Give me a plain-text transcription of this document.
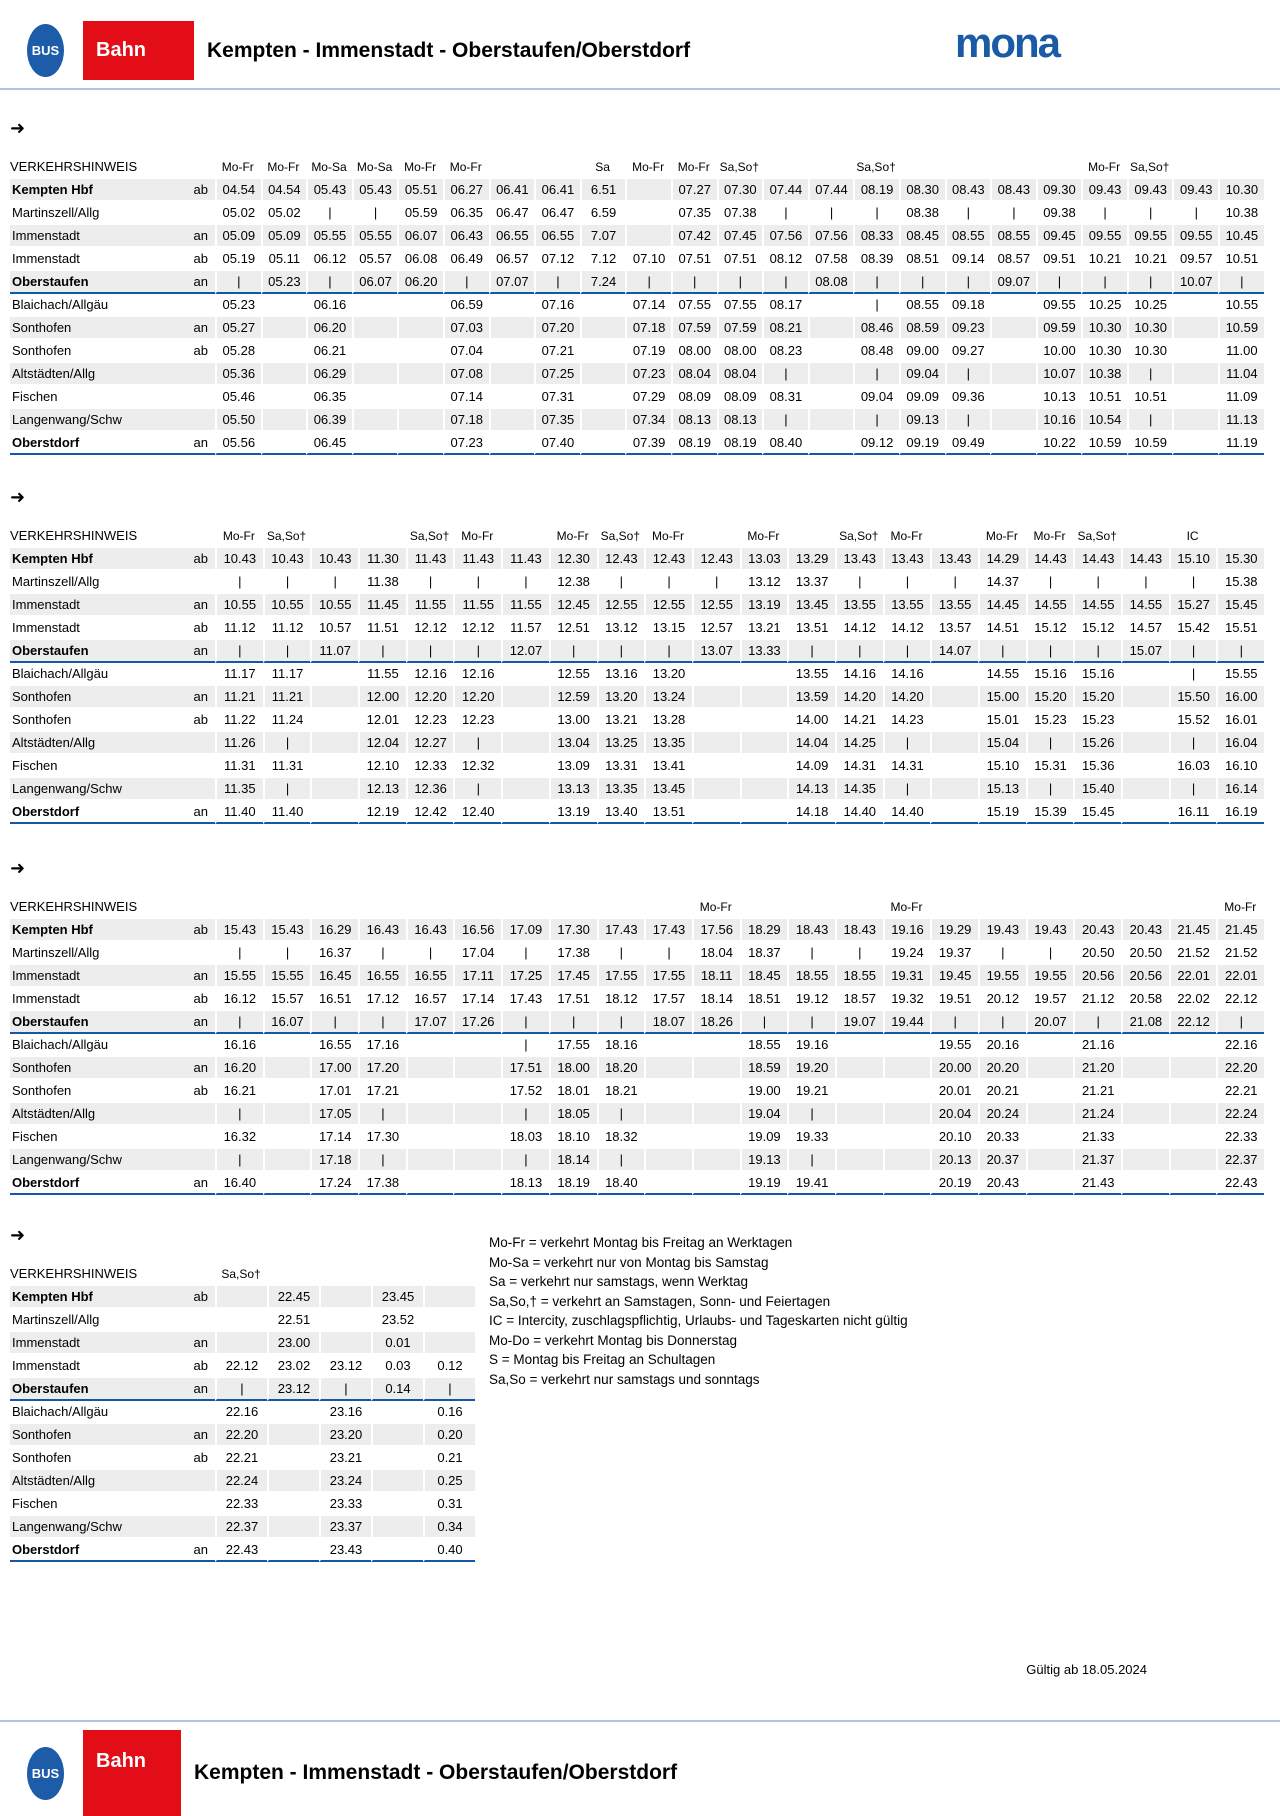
BUS Bahn	Kempten - Immenstadt - Oberstaufen/Oberstdorf	mona
➜		täglich																						
VERKEHRSHINWEIS		Mo-Fr	Mo-Fr	Mo-Sa	Mo-Sa	Mo-Fr	Mo-Fr			Sa	Mo-Fr	Mo-Fr	Sa,So†			Sa,So†					Mo-Fr	Sa,So†		
Kempten Hbf	ab	04.54	04.54	05.43	05.43	05.51	06.27	06.41	06.41	6.51		07.27	07.30	07.44	07.44	08.19	08.30	08.43	08.43	09.30	09.43	09.43	09.43	10.30
Martinszell/Allg		05.02	05.02	|	|	05.59	06.35	06.47	06.47	6.59		07.35	07.38	|	|	|	08.38	|	|	09.38	|	|	|	10.38
Immenstadt	an	05.09	05.09	05.55	05.55	06.07	06.43	06.55	06.55	7.07		07.42	07.45	07.56	07.56	08.33	08.45	08.55	08.55	09.45	09.55	09.55	09.55	10.45
Immenstadt	ab	05.19	05.11	06.12	05.57	06.08	06.49	06.57	07.12	7.12	07.10	07.51	07.51	08.12	07.58	08.39	08.51	09.14	08.57	09.51	10.21	10.21	09.57	10.51
Oberstaufen	an	|	05.23	|	06.07	06.20	|	07.07	|	7.24	|	|	|	|	08.08	|	|	|	09.07	|	|	|	10.07	|
Blaichach/Allgäu		05.23		06.16			06.59		07.16		07.14	07.55	07.55	08.17		|	08.55	09.18		09.55	10.25	10.25		10.55
Sonthofen	an	05.27		06.20			07.03		07.20		07.18	07.59	07.59	08.21		08.46	08.59	09.23		09.59	10.30	10.30		10.59
Sonthofen	ab	05.28		06.21			07.04		07.21		07.19	08.00	08.00	08.23		08.48	09.00	09.27		10.00	10.30	10.30		11.00
Altstädten/Allg		05.36		06.29			07.08		07.25		07.23	08.04	08.04	|		|	09.04	|		10.07	10.38	|		11.04
Fischen		05.46		06.35			07.14		07.31		07.29	08.09	08.09	08.31		09.04	09.09	09.36		10.13	10.51	10.51		11.09
Langenwang/Schw		05.50		06.39			07.18		07.35		07.34	08.13	08.13	|		|	09.13	|		10.16	10.54	|		11.13
Oberstdorf	an	05.56		06.45			07.23		07.40		07.39	08.19	08.19	08.40		09.12	09.19	09.49		10.22	10.59	10.59		11.19
➜		täglich																					
VERKEHRSHINWEIS		Mo-Fr	Sa,So†			Sa,So†	Mo-Fr		Mo-Fr	Sa,So†	Mo-Fr		Mo-Fr		Sa,So†	Mo-Fr		Mo-Fr	Mo-Fr	Sa,So†		IC	
Kempten Hbf	ab	10.43	10.43	10.43	11.30	11.43	11.43	11.43	12.30	12.43	12.43	12.43	13.03	13.29	13.43	13.43	13.43	14.29	14.43	14.43	14.43	15.10	15.30
Martinszell/Allg		|	|	|	11.38	|	|	|	12.38	|	|	|	13.12	13.37	|	|	|	14.37	|	|	|	|	15.38
Immenstadt	an	10.55	10.55	10.55	11.45	11.55	11.55	11.55	12.45	12.55	12.55	12.55	13.19	13.45	13.55	13.55	13.55	14.45	14.55	14.55	14.55	15.27	15.45
Immenstadt	ab	11.12	11.12	10.57	11.51	12.12	12.12	11.57	12.51	13.12	13.15	12.57	13.21	13.51	14.12	14.12	13.57	14.51	15.12	15.12	14.57	15.42	15.51
Oberstaufen	an	|	|	11.07	|	|	|	12.07	|	|	|	13.07	13.33	|	|	|	14.07	|	|	|	15.07	|	|
Blaichach/Allgäu		11.17	11.17		11.55	12.16	12.16		12.55	13.16	13.20			13.55	14.16	14.16		14.55	15.16	15.16		|	15.55
Sonthofen	an	11.21	11.21		12.00	12.20	12.20		12.59	13.20	13.24			13.59	14.20	14.20		15.00	15.20	15.20		15.50	16.00
Sonthofen	ab	11.22	11.24		12.01	12.23	12.23		13.00	13.21	13.28			14.00	14.21	14.23		15.01	15.23	15.23		15.52	16.01
Altstädten/Allg		11.26	|		12.04	12.27	|		13.04	13.25	13.35			14.04	14.25	|		15.04	|	15.26		|	16.04
Fischen		11.31	11.31		12.10	12.33	12.32		13.09	13.31	13.41			14.09	14.31	14.31		15.10	15.31	15.36		16.03	16.10
Langenwang/Schw		11.35	|		12.13	12.36	|		13.13	13.35	13.45			14.13	14.35	|		15.13	|	15.40		|	16.14
Oberstdorf	an	11.40	11.40		12.19	12.42	12.40		13.19	13.40	13.51			14.18	14.40	14.40		15.19	15.39	15.45		16.11	16.19
➜		täglich																					
VERKEHRSHINWEIS												Mo-Fr				Mo-Fr							Mo-Fr
Kempten Hbf	ab	15.43	15.43	16.29	16.43	16.43	16.56	17.09	17.30	17.43	17.43	17.56	18.29	18.43	18.43	19.16	19.29	19.43	19.43	20.43	20.43	21.45	21.45
Martinszell/Allg		|	|	16.37	|	|	17.04	|	17.38	|	|	18.04	18.37	|	|	19.24	19.37	|	|	20.50	20.50	21.52	21.52
Immenstadt	an	15.55	15.55	16.45	16.55	16.55	17.11	17.25	17.45	17.55	17.55	18.11	18.45	18.55	18.55	19.31	19.45	19.55	19.55	20.56	20.56	22.01	22.01
Immenstadt	ab	16.12	15.57	16.51	17.12	16.57	17.14	17.43	17.51	18.12	17.57	18.14	18.51	19.12	18.57	19.32	19.51	20.12	19.57	21.12	20.58	22.02	22.12
Oberstaufen	an	|	16.07	|	|	17.07	17.26	|	|	|	18.07	18.26	|	|	19.07	19.44	|	|	20.07	|	21.08	22.12	|
Blaichach/Allgäu		16.16		16.55	17.16			|	17.55	18.16			18.55	19.16			19.55	20.16		21.16			22.16
Sonthofen	an	16.20		17.00	17.20			17.51	18.00	18.20			18.59	19.20			20.00	20.20		21.20			22.20
Sonthofen	ab	16.21		17.01	17.21			17.52	18.01	18.21			19.00	19.21			20.01	20.21		21.21			22.21
Altstädten/Allg		|		17.05	|			|	18.05	|			19.04	|			20.04	20.24		21.24			22.24
Fischen		16.32		17.14	17.30			18.03	18.10	18.32			19.09	19.33			20.10	20.33		21.33			22.33
Langenwang/Schw		|		17.18	|			|	18.14	|			19.13	|			20.13	20.37		21.37			22.37
Oberstdorf	an	16.40		17.24	17.38			18.13	18.19	18.40			19.19	19.41			20.19	20.43		21.43			22.43
➜		täglich				
VERKEHRSHINWEIS		Sa,So†				
Kempten Hbf	ab		22.45		23.45	
Martinszell/Allg			22.51		23.52	
Immenstadt	an		23.00		0.01	
Immenstadt	ab	22.12	23.02	23.12	0.03	0.12
Oberstaufen	an	|	23.12	|	0.14	|
Blaichach/Allgäu		22.16		23.16		0.16
Sonthofen	an	22.20		23.20		0.20
Sonthofen	ab	22.21		23.21		0.21
Altstädten/Allg		22.24		23.24		0.25
Fischen		22.33		23.33		0.31
Langenwang/Schw		22.37		23.37		0.34
Oberstdorf	an	22.43		23.43		0.40
Mo-Fr = verkehrt Montag bis Freitag an Werktagen
Mo-Sa = verkehrt nur von Montag bis Samstag
Sa = verkehrt nur samstags, wenn Werktag
Sa,So,† = verkehrt an Samstagen, Sonn- und Feiertagen
IC = Intercity, zuschlagspflichtig, Urlaubs- und Tageskarten nicht gültig
Mo-Do = verkehrt Montag bis Donnerstag
S = Montag bis Freitag an Schultagen
Sa,So = verkehrt nur samstags und sonntags
Gültig ab 18.05.2024
BUS
Bahn Kempten - Immenstadt - Oberstaufen/Oberstdorf
